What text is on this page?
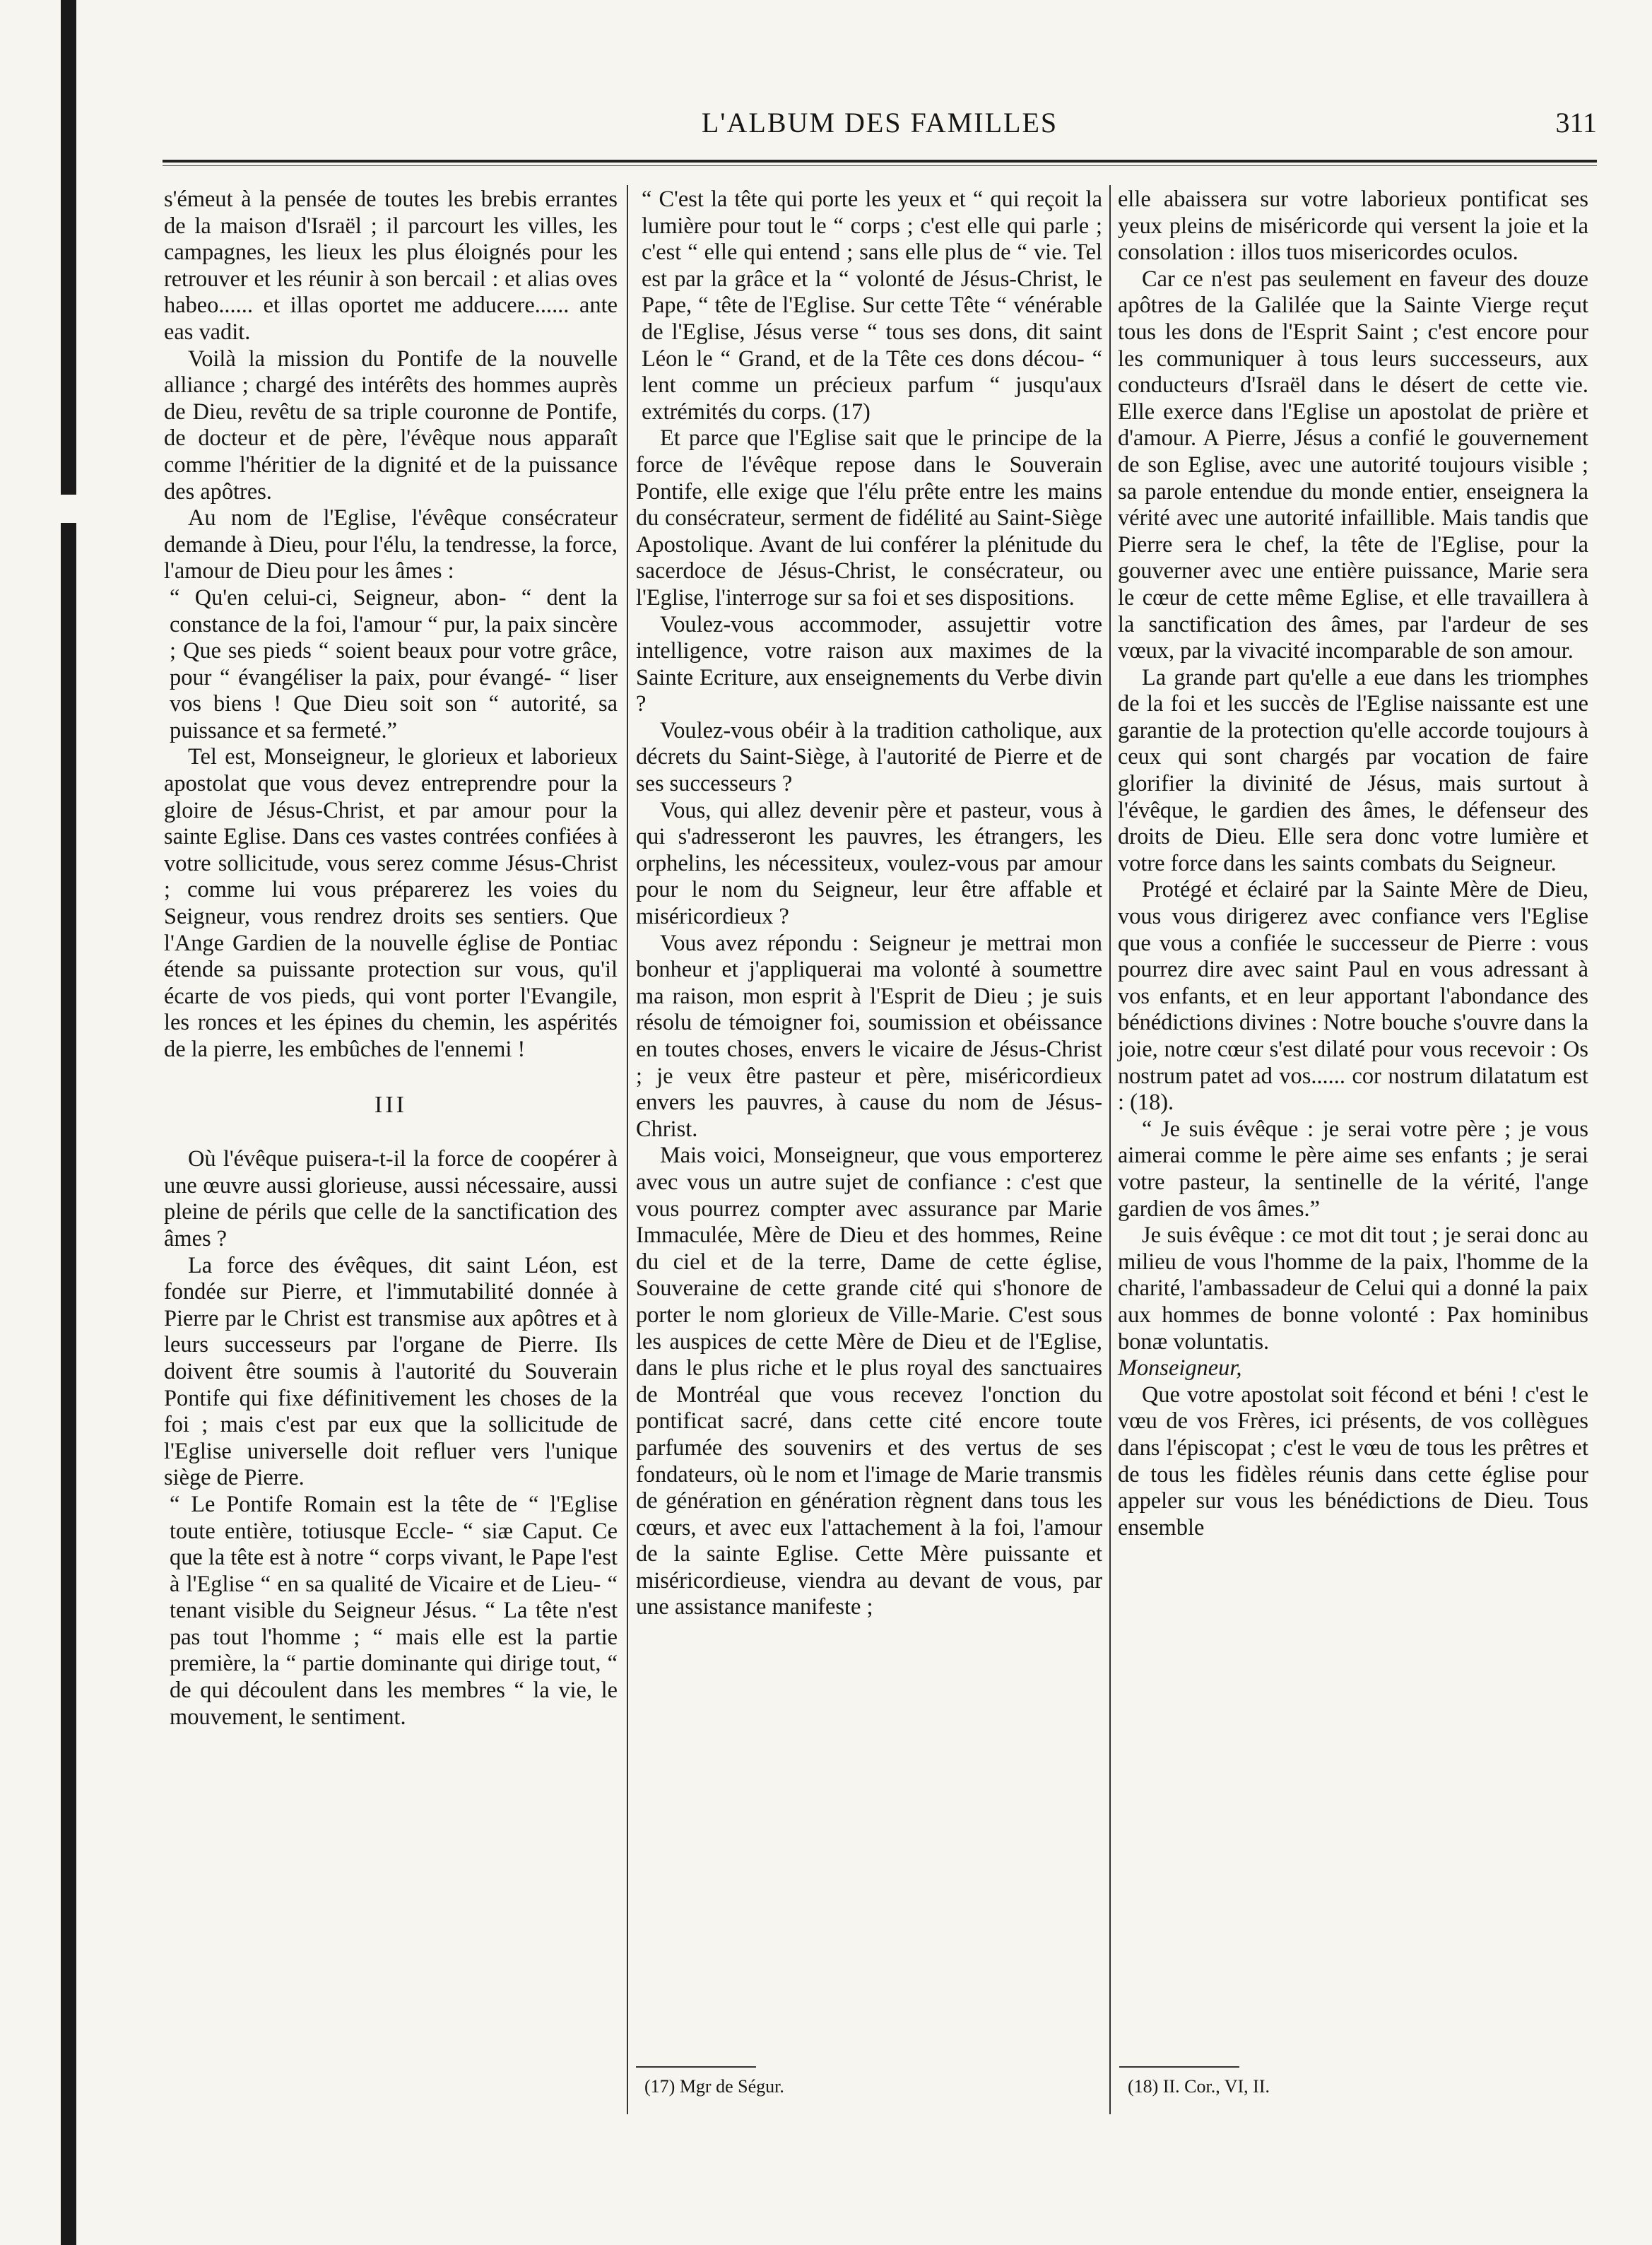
L'ALBUM DES FAMILLES	311

s'émeut à la pensée de toutes les brebis errantes de la maison d'Israël ; il parcourt les villes, les campagnes, les lieux les plus éloignés pour les retrouver et les réunir à son bercail : et alias oves habeo...... et illas oportet me adducere...... ante eas vadit.

Voilà la mission du Pontife de la nouvelle alliance ; chargé des intérêts des hommes auprès de Dieu, revêtu de sa triple couronne de Pontife, de docteur et de père, l'évêque nous apparaît comme l'héritier de la dignité et de la puissance des apôtres.

Au nom de l'Eglise, l'évêque consécrateur demande à Dieu, pour l'élu, la tendresse, la force, l'amour de Dieu pour les âmes :

“ Qu'en celui-ci, Seigneur, abon- “ dent la constance de la foi, l'amour “ pur, la paix sincère ; Que ses pieds “ soient beaux pour votre grâce, pour “ évangéliser la paix, pour évangé- “ liser vos biens ! Que Dieu soit son “ autorité, sa puissance et sa fermeté.”

Tel est, Monseigneur, le glorieux et laborieux apostolat que vous devez entreprendre pour la gloire de Jésus-Christ, et par amour pour la sainte Eglise. Dans ces vastes contrées confiées à votre sollicitude, vous serez comme Jésus-Christ ; comme lui vous préparerez les voies du Seigneur, vous rendrez droits ses sentiers. Que l'Ange Gardien de la nouvelle église de Pontiac étende sa puissante protection sur vous, qu'il écarte de vos pieds, qui vont porter l'Evangile, les ronces et les épines du chemin, les aspérités de la pierre, les embûches de l'ennemi !

III

Où l'évêque puisera-t-il la force de coopérer à une œuvre aussi glorieuse, aussi nécessaire, aussi pleine de périls que celle de la sanctification des âmes ?

La force des évêques, dit saint Léon, est fondée sur Pierre, et l'immutabilité donnée à Pierre par le Christ est transmise aux apôtres et à leurs successeurs par l'organe de Pierre. Ils doivent être soumis à l'autorité du Souverain Pontife qui fixe définitivement les choses de la foi ; mais c'est par eux que la sollicitude de l'Eglise universelle doit refluer vers l'unique siège de Pierre.

“ Le Pontife Romain est la tête de “ l'Eglise toute entière, totiusque Eccle- “ siæ Caput. Ce que la tête est à notre “ corps vivant, le Pape l'est à l'Eglise “ en sa qualité de Vicaire et de Lieu- “ tenant visible du Seigneur Jésus. “ La tête n'est pas tout l'homme ; “ mais elle est la partie première, la “ partie dominante qui dirige tout, “ de qui découlent dans les membres “ la vie, le mouvement, le sentiment.

“ C'est la tête qui porte les yeux et “ qui reçoit la lumière pour tout le “ corps ; c'est elle qui parle ; c'est “ elle qui entend ; sans elle plus de “ vie. Tel est par la grâce et la “ volonté de Jésus-Christ, le Pape, “ tête de l'Eglise. Sur cette Tête “ vénérable de l'Eglise, Jésus verse “ tous ses dons, dit saint Léon le “ Grand, et de la Tête ces dons décou- “ lent comme un précieux parfum “ jusqu'aux extrémités du corps. (17)

Et parce que l'Eglise sait que le principe de la force de l'évêque repose dans le Souverain Pontife, elle exige que l'élu prête entre les mains du consécrateur, serment de fidélité au Saint-Siège Apostolique. Avant de lui conférer la plénitude du sacerdoce de Jésus-Christ, le consécrateur, ou l'Eglise, l'interroge sur sa foi et ses dispositions.

Voulez-vous accommoder, assujettir votre intelligence, votre raison aux maximes de la Sainte Ecriture, aux enseignements du Verbe divin ?

Voulez-vous obéir à la tradition catholique, aux décrets du Saint-Siège, à l'autorité de Pierre et de ses successeurs ?

Vous, qui allez devenir père et pasteur, vous à qui s'adresseront les pauvres, les étrangers, les orphelins, les nécessiteux, voulez-vous par amour pour le nom du Seigneur, leur être affable et miséricordieux ?

Vous avez répondu : Seigneur je mettrai mon bonheur et j'appliquerai ma volonté à soumettre ma raison, mon esprit à l'Esprit de Dieu ; je suis résolu de témoigner foi, soumission et obéissance en toutes choses, envers le vicaire de Jésus-Christ ; je veux être pasteur et père, miséricordieux envers les pauvres, à cause du nom de Jésus-Christ.

Mais voici, Monseigneur, que vous emporterez avec vous un autre sujet de confiance : c'est que vous pourrez compter avec assurance par Marie Immaculée, Mère de Dieu et des hommes, Reine du ciel et de la terre, Dame de cette église, Souveraine de cette grande cité qui s'honore de porter le nom glorieux de Ville-Marie. C'est sous les auspices de cette Mère de Dieu et de l'Eglise, dans le plus riche et le plus royal des sanctuaires de Montréal que vous recevez l'onction du pontificat sacré, dans cette cité encore toute parfumée des souvenirs et des vertus de ses fondateurs, où le nom et l'image de Marie transmis de génération en génération règnent dans tous les cœurs, et avec eux l'attachement à la foi, l'amour de la sainte Eglise. Cette Mère puissante et miséricordieuse, viendra au devant de vous, par une assistance manifeste ;

(17) Mgr de Ségur.

elle abaissera sur votre laborieux pontificat ses yeux pleins de miséricorde qui versent la joie et la consolation : illos tuos misericordes oculos.

Car ce n'est pas seulement en faveur des douze apôtres de la Galilée que la Sainte Vierge reçut tous les dons de l'Esprit Saint ; c'est encore pour les communiquer à tous leurs successeurs, aux conducteurs d'Israël dans le désert de cette vie. Elle exerce dans l'Eglise un apostolat de prière et d'amour. A Pierre, Jésus a confié le gouvernement de son Eglise, avec une autorité toujours visible ; sa parole entendue du monde entier, enseignera la vérité avec une autorité infaillible. Mais tandis que Pierre sera le chef, la tête de l'Eglise, pour la gouverner avec une entière puissance, Marie sera le cœur de cette même Eglise, et elle travaillera à la sanctification des âmes, par l'ardeur de ses vœux, par la vivacité incomparable de son amour.

La grande part qu'elle a eue dans les triomphes de la foi et les succès de l'Eglise naissante est une garantie de la protection qu'elle accorde toujours à ceux qui sont chargés par vocation de faire glorifier la divinité de Jésus, mais surtout à l'évêque, le gardien des âmes, le défenseur des droits de Dieu. Elle sera donc votre lumière et votre force dans les saints combats du Seigneur.

Protégé et éclairé par la Sainte Mère de Dieu, vous vous dirigerez avec confiance vers l'Eglise que vous a confiée le successeur de Pierre : vous pourrez dire avec saint Paul en vous adressant à vos enfants, et en leur apportant l'abondance des bénédictions divines : Notre bouche s'ouvre dans la joie, notre cœur s'est dilaté pour vous recevoir : Os nostrum patet ad vos...... cor nostrum dilatatum est : (18).

“ Je suis évêque : je serai votre père ; je vous aimerai comme le père aime ses enfants ; je serai votre pasteur, la sentinelle de la vérité, l'ange gardien de vos âmes.”

Je suis évêque : ce mot dit tout ; je serai donc au milieu de vous l'homme de la paix, l'homme de la charité, l'ambassadeur de Celui qui a donné la paix aux hommes de bonne volonté : Pax hominibus bonæ voluntatis.

Monseigneur,

Que votre apostolat soit fécond et béni ! c'est le vœu de vos Frères, ici présents, de vos collègues dans l'épiscopat ; c'est le vœu de tous les prêtres et de tous les fidèles réunis dans cette église pour appeler sur vous les bénédictions de Dieu. Tous ensemble

(18) II. Cor., VI, II.
